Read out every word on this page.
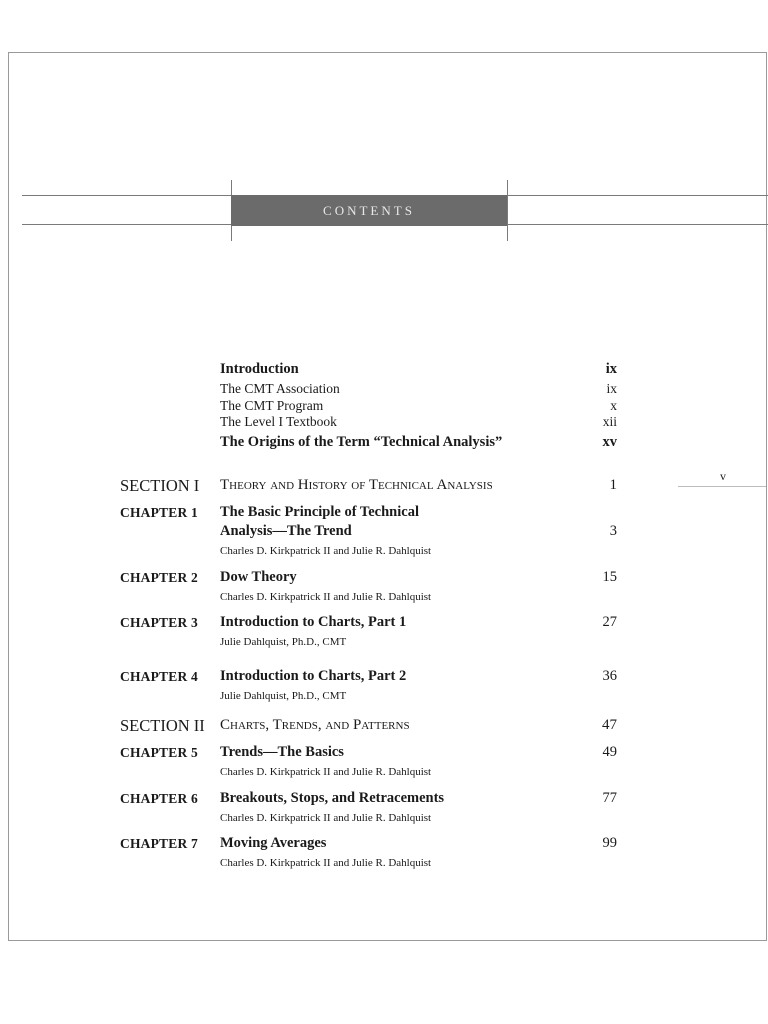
CONTENTS
v
Introduction	ix
The CMT Association	ix
The CMT Program	x
The Level I Textbook	xii
The Origins of the Term “Technical Analysis”	xv
SECTION I Theory and History of Technical Analysis	1
CHAPTER 1 The Basic Principle of Technical
Analysis—The Trend	3
Charles D. Kirkpatrick II and Julie R. Dahlquist
CHAPTER 2 Dow Theory	15
Charles D. Kirkpatrick II and Julie R. Dahlquist
CHAPTER 3 Introduction to Charts, Part 1	27
Julie Dahlquist, Ph.D., CMT
CHAPTER 4 Introduction to Charts, Part 2	36
Julie Dahlquist, Ph.D., CMT
SECTION II Charts, Trends, and Patterns	47
CHAPTER 5 Trends—The Basics	49
Charles D. Kirkpatrick II and Julie R. Dahlquist
CHAPTER 6 Breakouts, Stops, and Retracements	77
Charles D. Kirkpatrick II and Julie R. Dahlquist
CHAPTER 7 Moving Averages	99
Charles D. Kirkpatrick II and Julie R. Dahlquist
